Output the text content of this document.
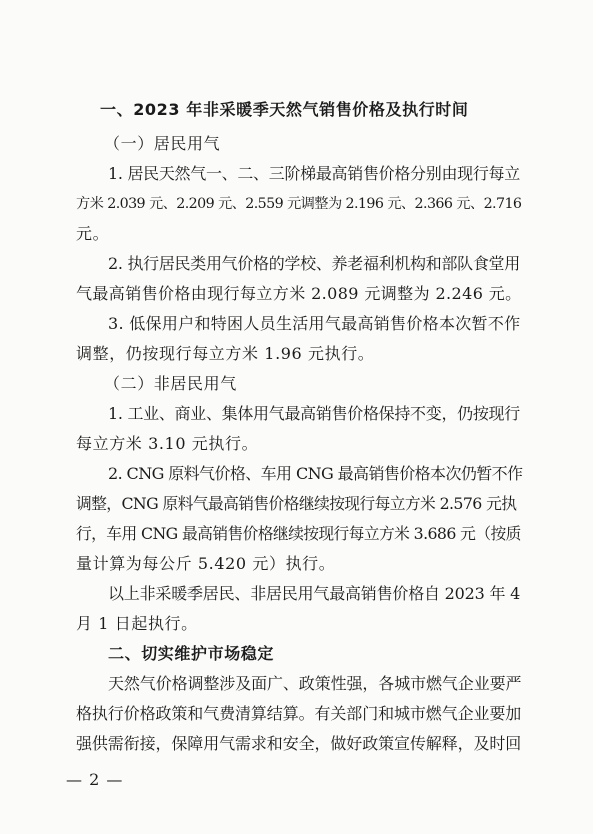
一、2023 年非采暖季天然气销售价格及执行时间
（一）居民用气
1. 居民天然气一、二、三阶梯最高销售价格分别由现行每立
方米 2.039 元、2.209 元、2.559 元调整为 2.196 元、2.366 元、2.716
元。
2. 执行居民类用气价格的学校、养老福利机构和部队食堂用
气最高销售价格由现行每立方米 2.089 元调整为 2.246 元。
3. 低保用户和特困人员生活用气最高销售价格本次暂不作
调整，仍按现行每立方米 1.96 元执行。
（二）非居民用气
1. 工业、商业、集体用气最高销售价格保持不变，仍按现行
每立方米 3.10 元执行。
2. CNG 原料气价格、车用 CNG 最高销售价格本次仍暂不作
调整，CNG 原料气最高销售价格继续按现行每立方米 2.576 元执
行，车用 CNG 最高销售价格继续按现行每立方米 3.686 元（按质
量计算为每公斤 5.420 元）执行。
以上非采暖季居民、非居民用气最高销售价格自 2023 年 4
月 1 日起执行。
二、切实维护市场稳定
天然气价格调整涉及面广、政策性强，各城市燃气企业要严
格执行价格政策和气费清算结算。有关部门和城市燃气企业要加
强供需衔接，保障用气需求和安全，做好政策宣传解释，及时回
— 2 —
